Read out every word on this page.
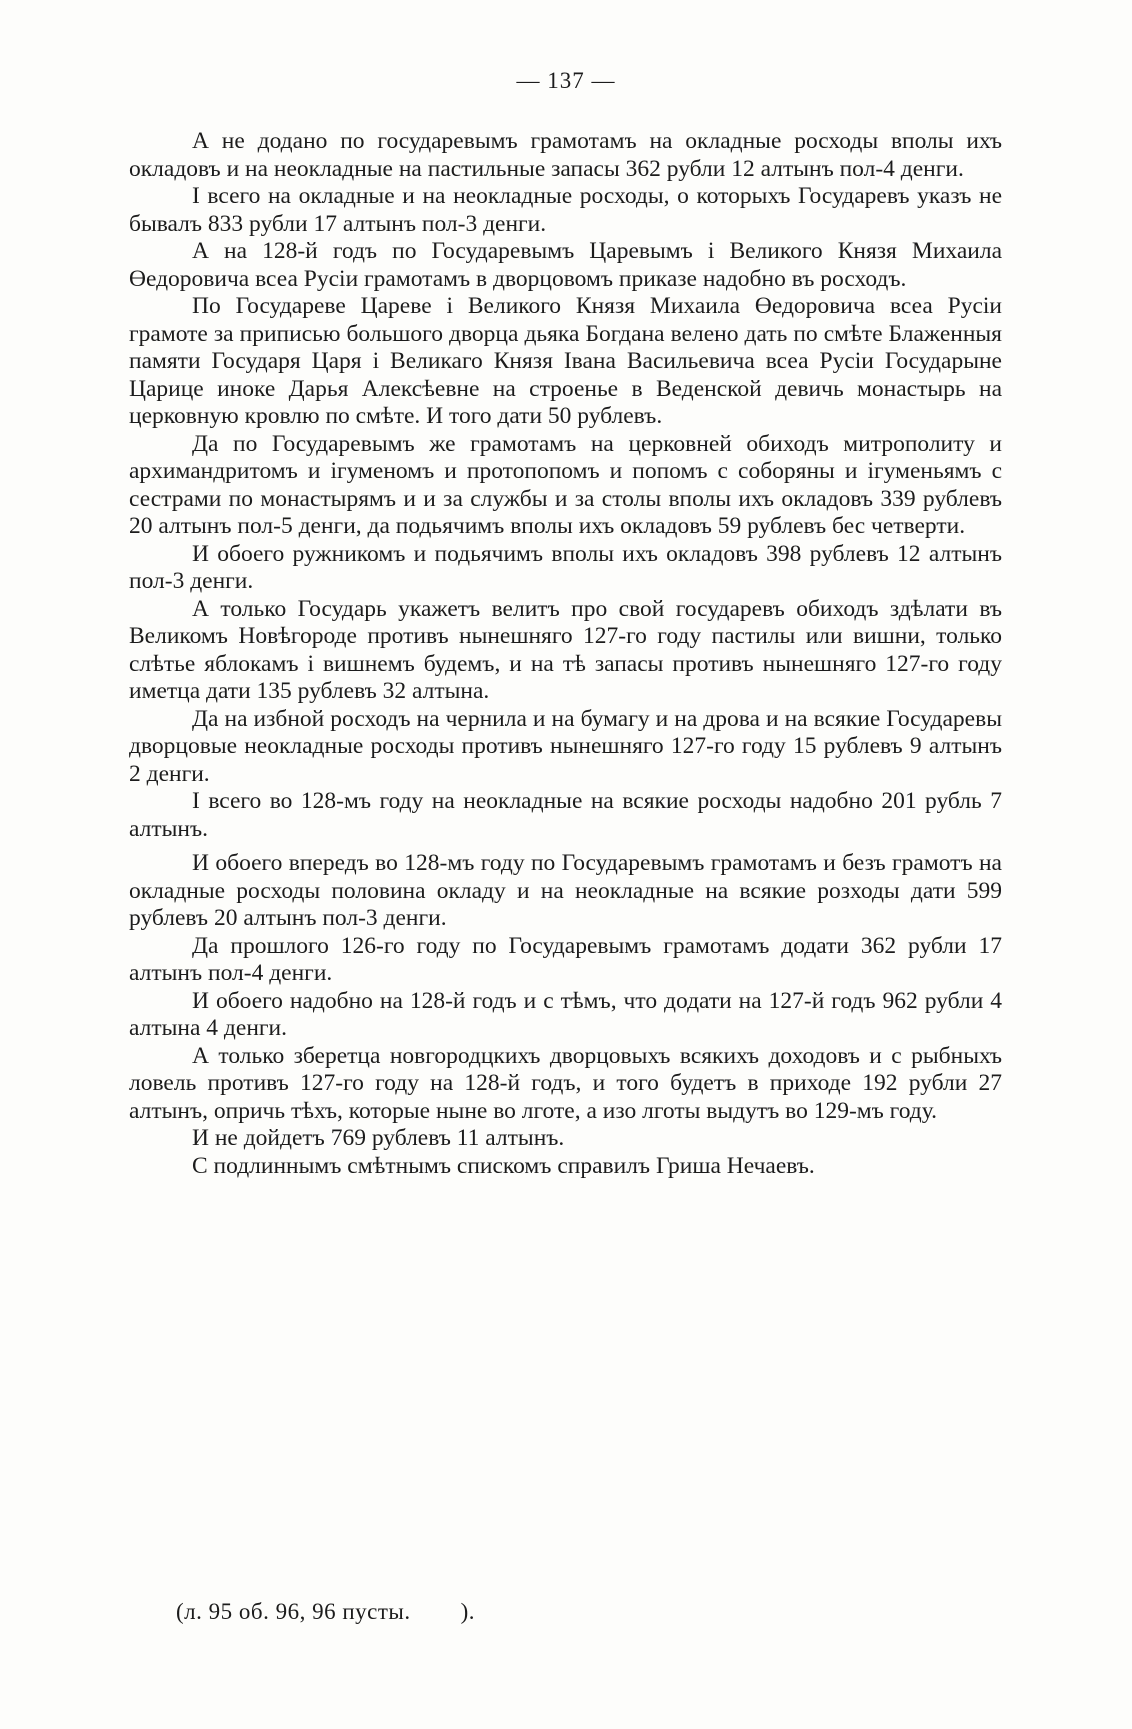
— 137 —

А не додано по государевымъ грамотамъ на окладные росходы вполы ихъ окладовъ и на неокладные на пастильные запасы 362 рубли 12 алтынъ пол-4 денги.

I всего на окладные и на неокладные росходы, о которыхъ Государевъ указъ не бывалъ 833 рубли 17 алтынъ пол-3 денги.

А на 128-й годъ по Государевымъ Царевымъ і Великого Князя Михаила Өедоровича всеа Русіи грамотамъ в дворцовомъ приказе надобно въ росходъ.

По Государеве Цареве і Великого Князя Михаила Өедоровича всеа Русіи грамоте за приписью большого дворца дьяка Богдана велено дать по смѣте Блаженныя памяти Государя Царя і Великаго Князя Івана Васильевича всеа Русіи Государыне Царице иноке Дарья Алексѣевне на строенье в Веденской девичь монастырь на церковную кровлю по смѣте. И того дати 50 рублевъ.

Да по Государевымъ же грамотамъ на церковней обиходъ митрополиту и архимандритомъ и ігуменомъ и протопопомъ и попомъ с соборяны и ігуменьямъ с сестрами по монастырямъ и и за службы и за столы вполы ихъ окладовъ 339 рублевъ 20 алтынъ пол-5 денги, да подьячимъ вполы ихъ окладовъ 59 рублевъ бес четверти.

И обоего ружникомъ и подьячимъ вполы ихъ окладовъ 398 рублевъ 12 алтынъ пол-3 денги.

А только Государь укажетъ велитъ про свой государевъ обиходъ здѣлати въ Великомъ Новѣгороде противъ нынешняго 127-го году пастилы или вишни, только слѣтье яблокамъ і вишнемъ будемъ, и на тѣ запасы противъ нынешняго 127-го году иметца дати 135 рублевъ 32 алтына.

Да на избной росходъ на чернила и на бумагу и на дрова и на всякие Государевы дворцовые неокладные росходы противъ нынешняго 127-го году 15 рублевъ 9 алтынъ 2 денги.

I всего во 128-мъ году на неокладные на всякие росходы надобно 201 рубль 7 алтынъ.

И обоего впередъ во 128-мъ году по Государевымъ грамотамъ и безъ грамотъ на окладные росходы половина окладу и на неокладные на всякие розходы дати 599 рублевъ 20 алтынъ пол-3 денги.

Да прошлого 126-го году по Государевымъ грамотамъ додати 362 рубли 17 алтынъ пол-4 денги.

И обоего надобно на 128-й годъ и с тѣмъ, что додати на 127-й годъ 962 рубли 4 алтына 4 денги.

А только зберетца новгородцкихъ дворцовыхъ всякихъ доходовъ и с рыбныхъ ловель противъ 127-го году на 128-й годъ, и того будетъ в приходе 192 рубли 27 алтынъ, опричь тѣхъ, которые ныне во лготе, а изо лготы выдутъ во 129-мъ году.

И не дойдетъ 769 рублевъ 11 алтынъ.

С подлиннымъ смѣтнымъ спискомъ справилъ Гриша Нечаевъ.

(л. 95 об. 96, 96 пусты.        ).
